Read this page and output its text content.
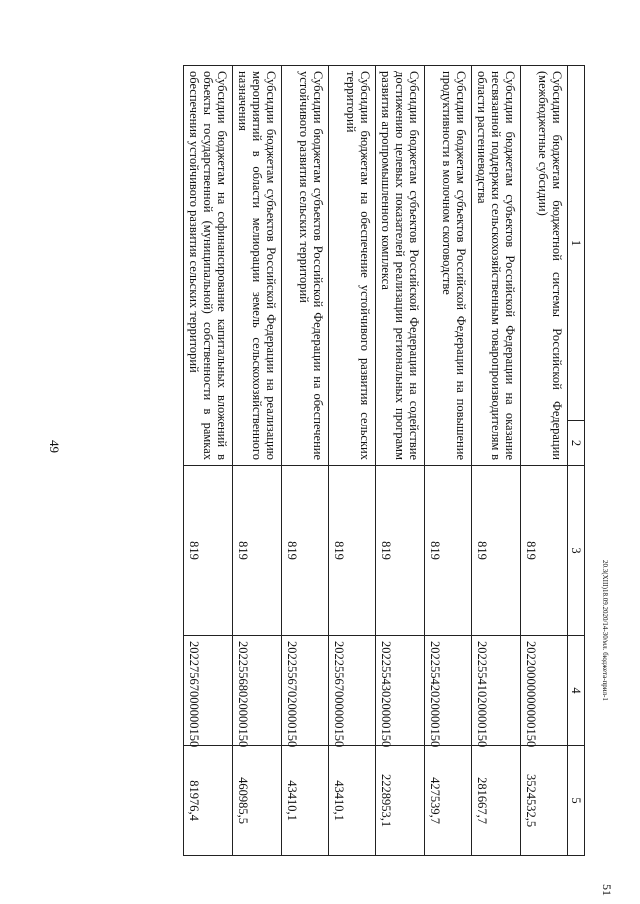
49
51
20.3(XIII)18.09.2020/14-30/мл. бюджета-прил-1
1	2	3	4	5
Субсидии бюджетам бюджетной системы Российской Федерации (межбюджетные субсидии)		819	20220000000000150	3524532,5
Субсидии бюджетам субъектов Российской Федерации на оказание несвязанной поддержки сельскохозяйственным товаропроизводителям в области растениеводства		819	20225541020000150	281667,7
Субсидии бюджетам субъектов Российской Федерации на повышение продуктивности в молочном скотоводстве		819	20225542020000150	427539,7
Субсидии бюджетам субъектов Российской Федерации на содействие достижению целевых показателей реализации региональных программ развития агропромышленного комплекса		819	20225543020000150	2228953,1
Субсидии бюджетам на обеспечение устойчивого развития сельских территорий		819	20225567000000150	43410,1
Субсидии бюджетам субъектов Российской Федерации на обеспечение устойчивого развития сельских территорий		819	20225567020000150	43410,1
Субсидии бюджетам субъектов Российской Федерации на реализацию мероприятий в области мелиорации земель сельскохозяйственного назначения		819	20225568020000150	460985,5
Субсидии бюджетам на софинансирование капитальных вложений в объекты государственной (муниципальной) собственности в рамках обеспечения устойчивого развития сельских территорий		819	20227567000000150	81976,4
